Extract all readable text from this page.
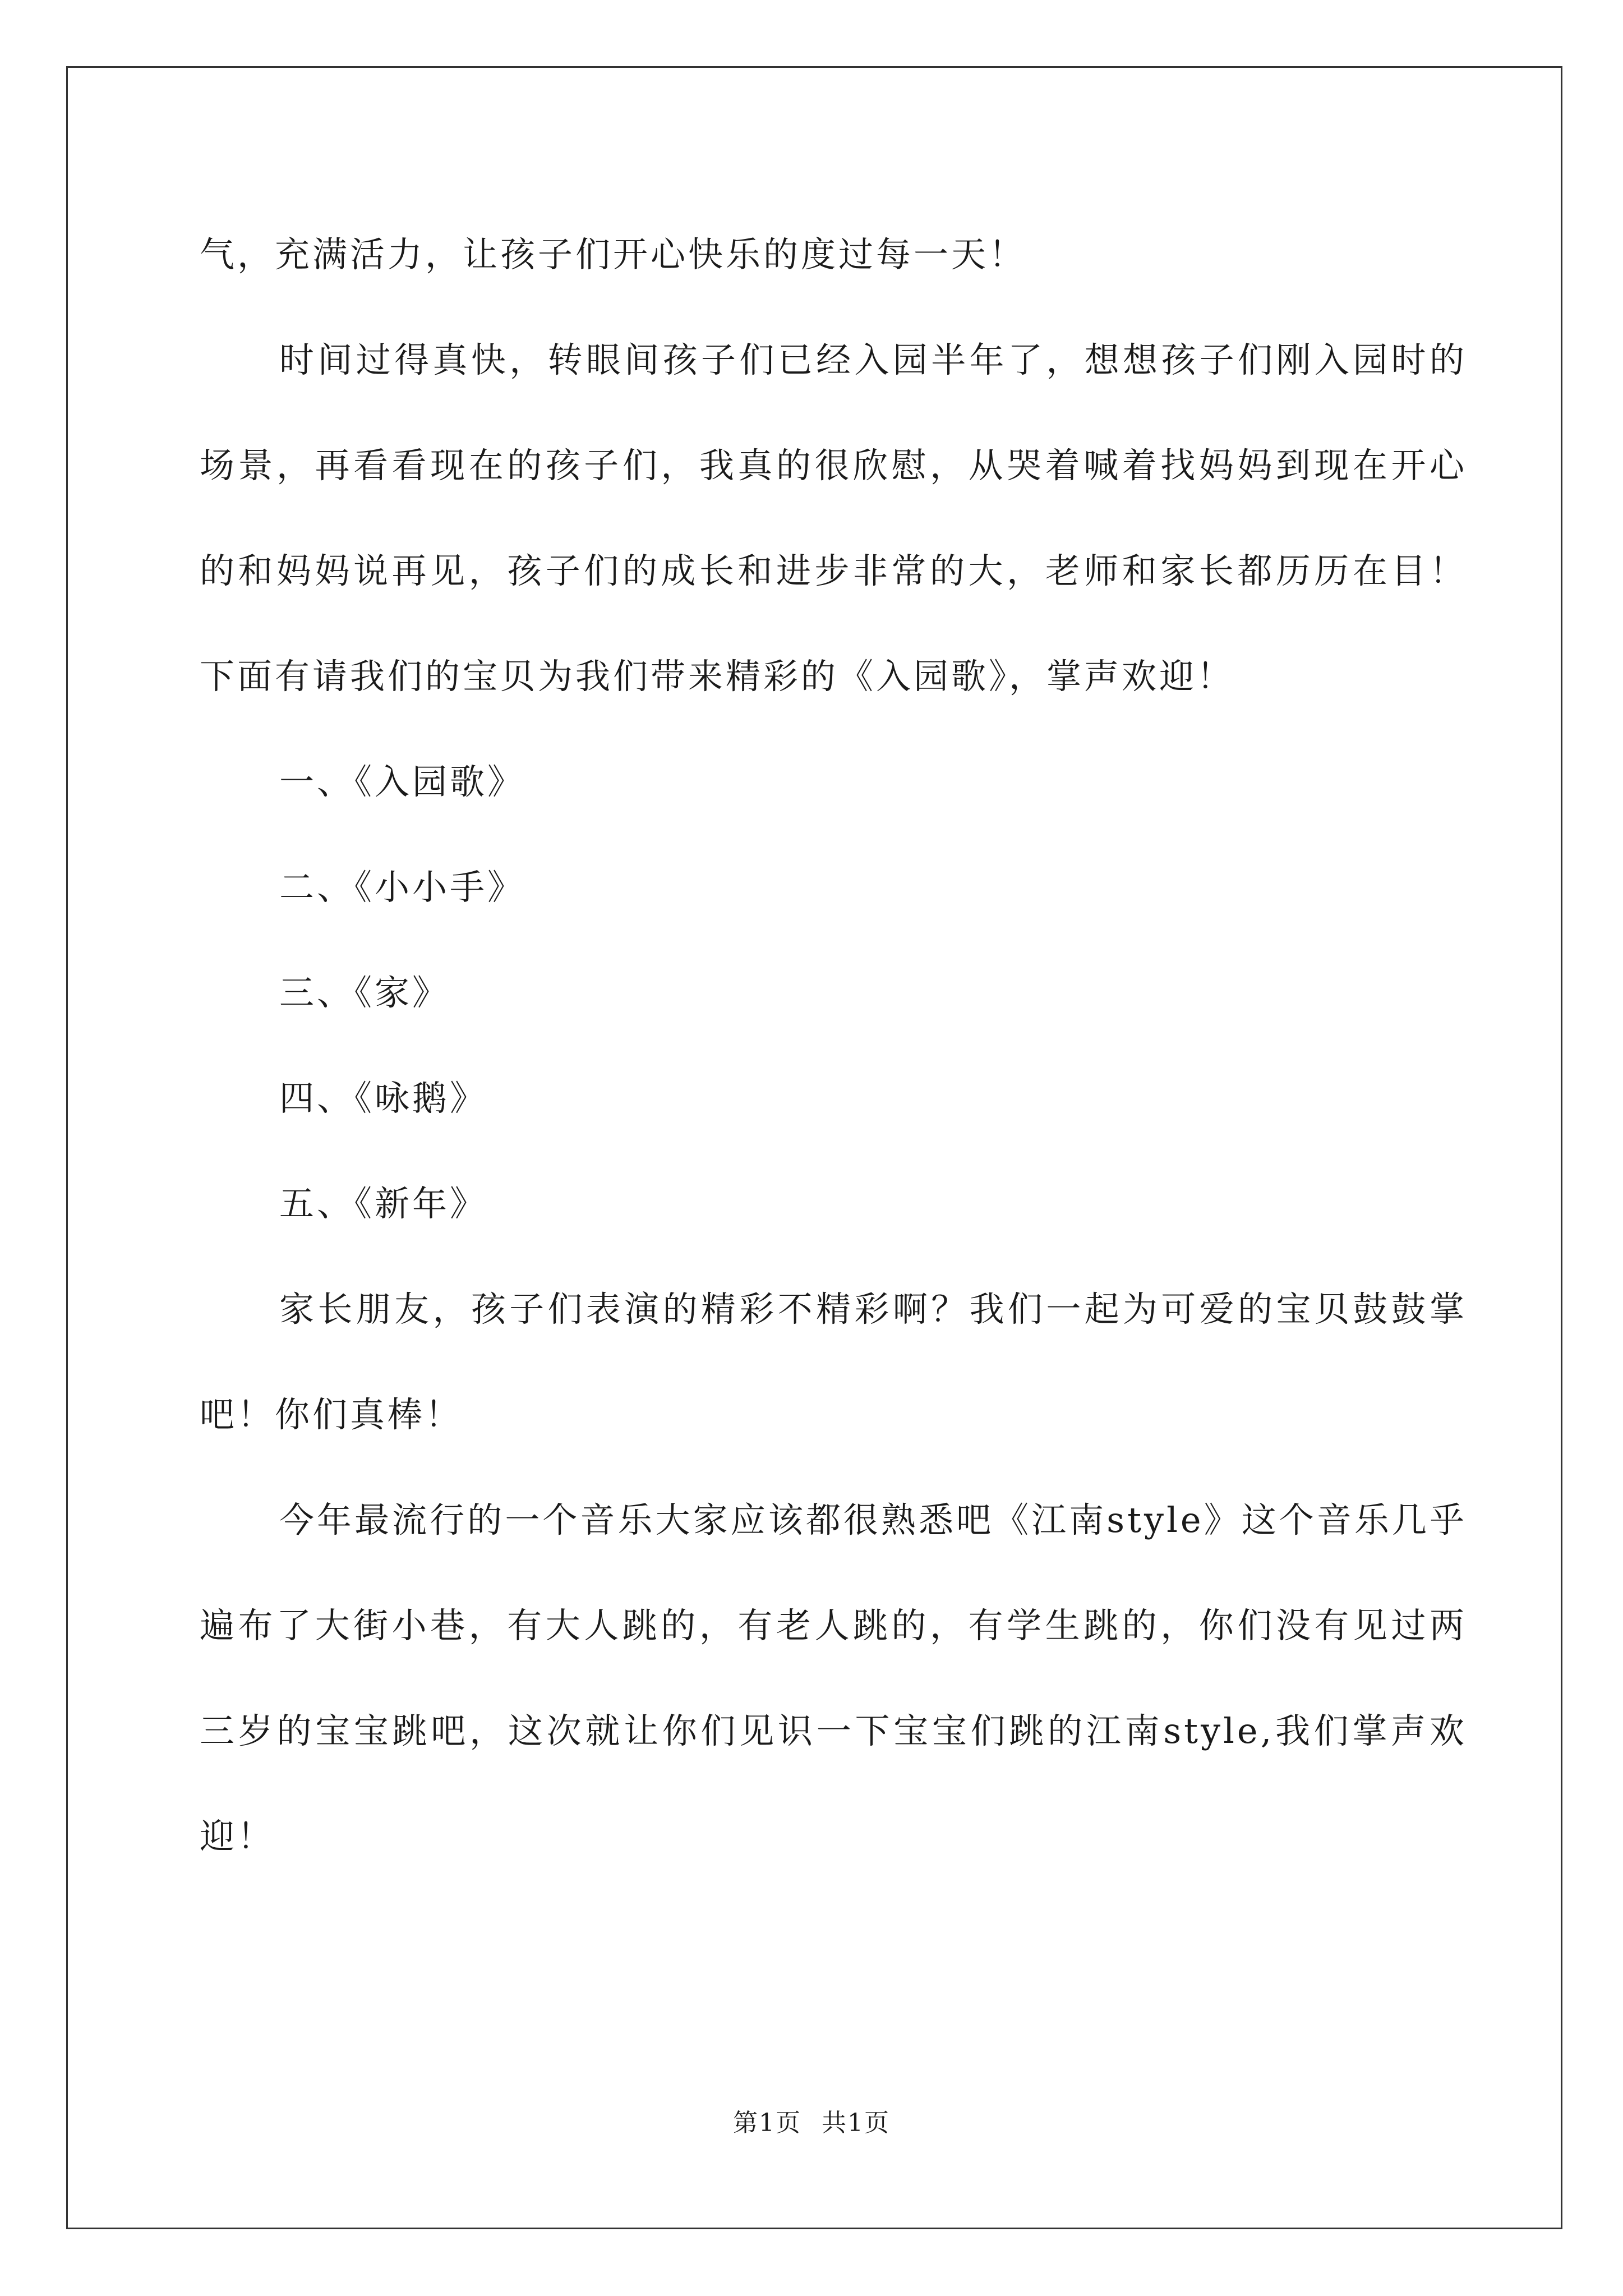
气，充满活力，让孩子们开心快乐的度过每一天！

时间过得真快，转眼间孩子们已经入园半年了，想想孩子们刚入园时的场景，再看看现在的孩子们，我真的很欣慰，从哭着喊着找妈妈到现在开心的和妈妈说再见，孩子们的成长和进步非常的大，老师和家长都历历在目！下面有请我们的宝贝为我们带来精彩的《入园歌》，掌声欢迎！

一、《入园歌》

二、《小小手》

三、《家》

四、《咏鹅》

五、《新年》

家长朋友，孩子们表演的精彩不精彩啊？我们一起为可爱的宝贝鼓鼓掌吧！你们真棒！

今年最流行的一个音乐大家应该都很熟悉吧《江南style》这个音乐几乎遍布了大街小巷，有大人跳的，有老人跳的，有学生跳的，你们没有见过两三岁的宝宝跳吧，这次就让你们见识一下宝宝们跳的江南style,我们掌声欢迎！

第1页 共1页
